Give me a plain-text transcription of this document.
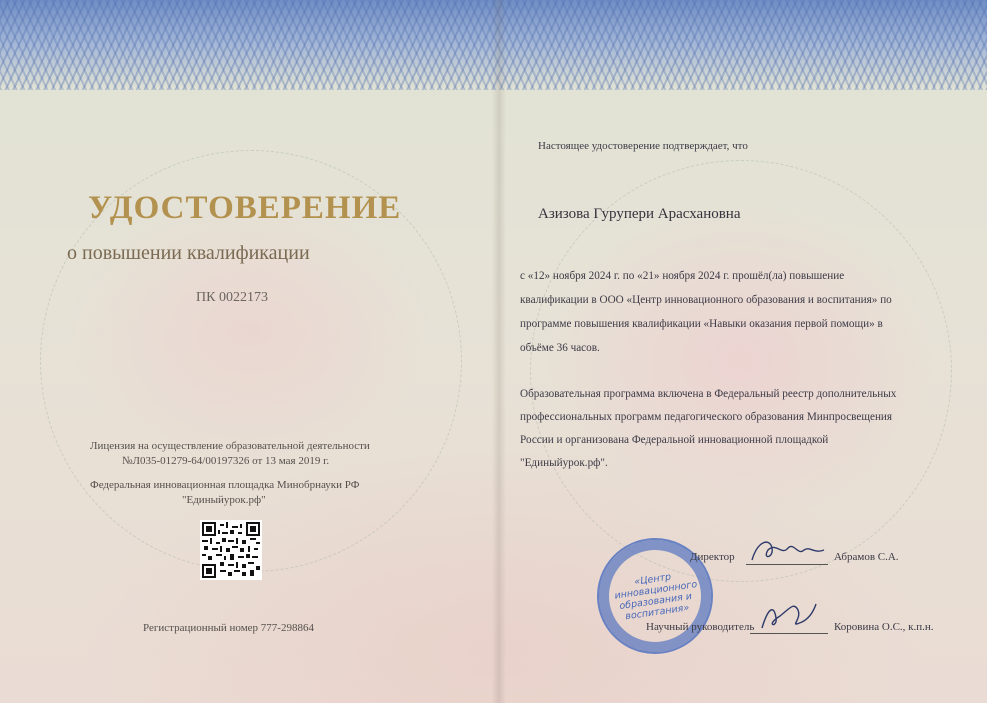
УДОСТОВЕРЕНИЕ
о повышении квалификации
ПК 0022173
Лицензия на осуществление образовательной деятельности
№Л035-01279-64/00197326 от 13 мая 2019 г.
Федеральная инновационная площадка Минобрнауки РФ
"Единыйурок.рф"
Регистрационный номер 777-298864
Настоящее удостоверение подтверждает, что
Азизова Гурупери Арасхановна
с «12» ноября 2024 г. по «21» ноября 2024 г. прошёл(ла) повышение
квалификации в ООО «Центр инновационного образования и воспитания» по
программе повышения квалификации «Навыки оказания первой помощи» в
объёме 36 часов.
Образовательная программа включена в Федеральный реестр дополнительных
профессиональных программ педагогического образования Минпросвещения
России и организована Федеральной инновационной площадкой
"Единыйурок.рф".
«Центр инновационного образования и воспитания»
Директор	Абрамов С.А.
Научный руководитель	Коровина О.С., к.п.н.
